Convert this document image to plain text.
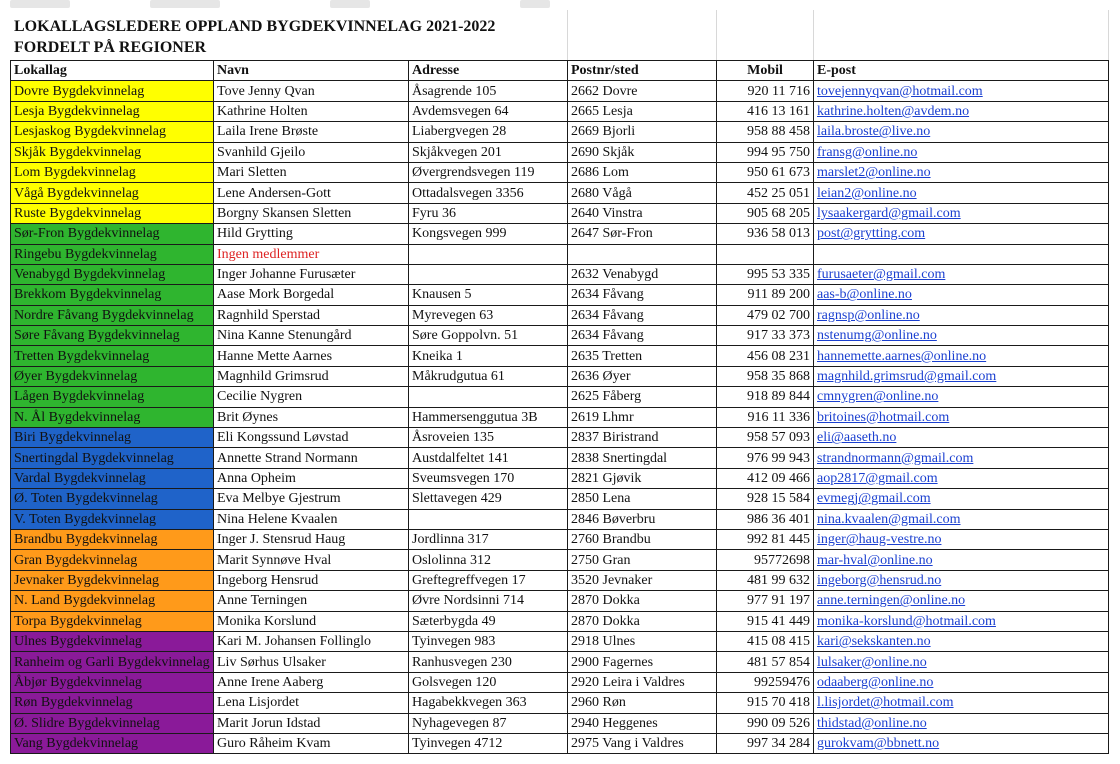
LOKALLAGSLEDERE OPPLAND BYGDEKVINNELAG 2021-2022
FORDELT PÅ REGIONER
Lokallag	Navn	Adresse	Postnr/sted	Mobil	E-post
Dovre Bygdekvinnelag	Tove Jenny Qvan	Åsagrende 105	2662 Dovre	920 11 716	tovejennyqvan@hotmail.com
Lesja Bygdekvinnelag	Kathrine Holten	Avdemsvegen 64	2665 Lesja	416 13 161	kathrine.holten@avdem.no
Lesjaskog Bygdekvinnelag	Laila Irene Brøste	Liabergvegen 28	2669 Bjorli	958 88 458	laila.broste@live.no
Skjåk Bygdekvinnelag	Svanhild Gjeilo	Skjåkvegen 201	2690 Skjåk	994 95 750	fransg@online.no
Lom Bygdekvinnelag	Mari Sletten	Øvergrendsvegen 119	2686 Lom	950 61 673	marslet2@online.no
Vågå Bygdekvinnelag	Lene Andersen-Gott	Ottadalsvegen 3356	2680 Vågå	452 25 051	leian2@online.no
Ruste Bygdekvinnelag	Borgny Skansen Sletten	Fyru 36	2640 Vinstra	905 68 205	lysaakergard@gmail.com
Sør-Fron Bygdekvinnelag	Hild Grytting	Kongsvegen 999	2647 Sør-Fron	936 58 013	post@grytting.com
Ringebu Bygdekvinnelag	Ingen medlemmer				
Venabygd Bygdekvinnelag	Inger Johanne Furusæter		2632 Venabygd	995 53 335	furusaeter@gmail.com
Brekkom Bygdekvinnelag	Aase Mork Borgedal	Knausen 5	2634 Fåvang	911 89 200	aas-b@online.no
Nordre Fåvang Bygdekvinnelag	Ragnhild Sperstad	Myrevegen 63	2634 Fåvang	479 02 700	ragnsp@online.no
Søre Fåvang Bygdekvinnelag	Nina Kanne Stenungård	Søre Goppolvn. 51	2634 Fåvang	917 33 373	nstenumg@online.no
Tretten Bygdekvinnelag	Hanne Mette Aarnes	Kneika 1	2635 Tretten	456 08 231	hannemette.aarnes@online.no
Øyer Bygdekvinnelag	Magnhild Grimsrud	Måkrudgutua 61	2636 Øyer	958 35 868	magnhild.grimsrud@gmail.com
Lågen Bygdekvinnelag	Cecilie Nygren		2625 Fåberg	918 89 844	cmnygren@online.no
N. Ål Bygdekvinnelag	Brit Øynes	Hammersenggutua 3B	2619 Lhmr	916 11 336	britoines@hotmail.com
Biri Bygdekvinnelag	Eli Kongssund Løvstad	Åsroveien 135	2837 Biristrand	958 57 093	eli@aaseth.no
Snertingdal Bygdekvinnelag	Annette Strand Normann	Austdalfeltet 141	2838 Snertingdal	976 99 943	strandnormann@gmail.com
Vardal Bygdekvinnelag	Anna Opheim	Sveumsvegen 170	2821 Gjøvik	412 09 466	aop2817@gmail.com
Ø. Toten Bygdekvinnelag	Eva Melbye Gjestrum	Slettavegen 429	2850 Lena	928 15 584	evmegj@gmail.com
V. Toten Bygdekvinnelag	Nina Helene Kvaalen		2846 Bøverbru	986 36 401	nina.kvaalen@gmail.com
Brandbu Bygdekvinnelag	Inger J. Stensrud Haug	Jordlinna 317	2760 Brandbu	992 81 445	inger@haug-vestre.no
Gran Bygdekvinnelag	Marit Synnøve Hval	Oslolinna 312	2750 Gran	95772698	mar-hval@online.no
Jevnaker Bygdekvinnelag	Ingeborg Hensrud	Greftegreffvegen 17	3520 Jevnaker	481 99 632	ingeborg@hensrud.no
N. Land Bygdekvinnelag	Anne Terningen	Øvre Nordsinni 714	2870 Dokka	977 91 197	anne.terningen@online.no
Torpa Bygdekvinnelag	Monika Korslund	Sæterbygda 49	2870 Dokka	915 41 449	monika-korslund@hotmail.com
Ulnes Bygdekvinnelag	Kari M. Johansen Follinglo	Tyinvegen 983	2918 Ulnes	415 08 415	kari@sekskanten.no
Ranheim og Garli Bygdekvinnelag	Liv Sørhus Ulsaker	Ranhusvegen 230	2900 Fagernes	481 57 854	lulsaker@online.no
Åbjør Bygdekvinnelag	Anne Irene Aaberg	Golsvegen 120	2920 Leira i Valdres	99259476	odaaberg@online.no
Røn Bygdekvinnelag	Lena Lisjordet	Hagabekkvegen 363	2960 Røn	915 70 418	l.lisjordet@hotmail.com
Ø. Slidre Bygdekvinnelag	Marit Jorun Idstad	Nyhagevegen 87	2940 Heggenes	990 09 526	thidstad@online.no
Vang Bygdekvinnelag	Guro Råheim Kvam	Tyinvegen 4712	2975 Vang i Valdres	997 34 284	gurokvam@bbnett.no
